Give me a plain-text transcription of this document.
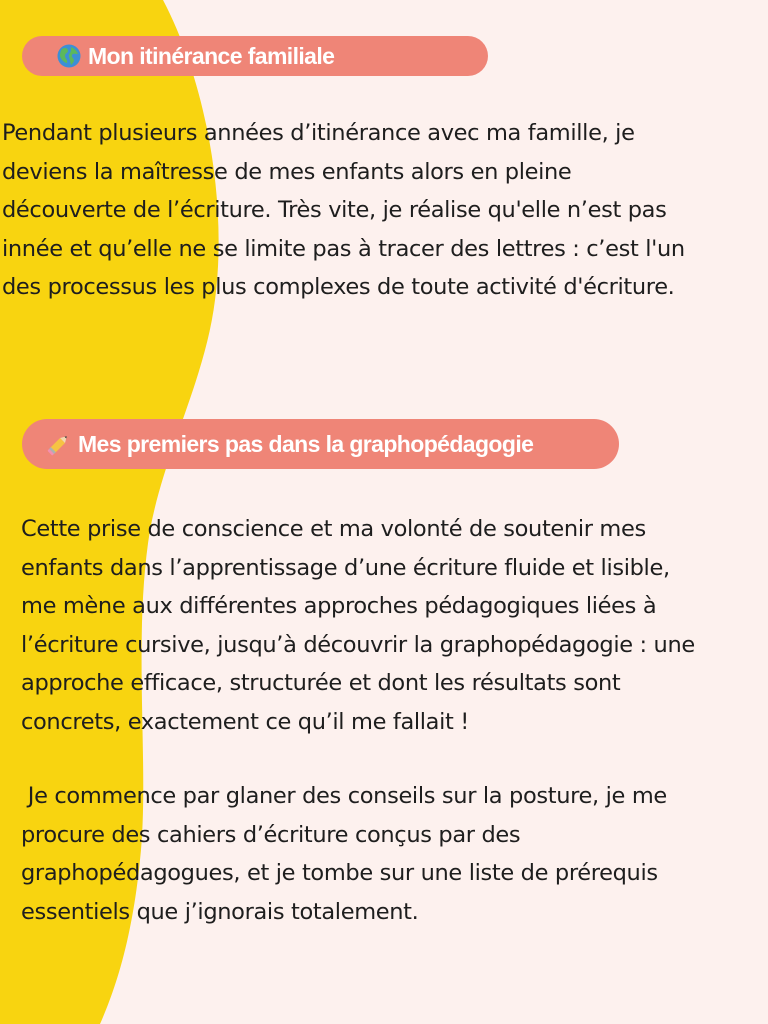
Mon itinérance familiale
Pendant plusieurs années d’itinérance avec ma famille, je
deviens la maîtresse de mes enfants alors en pleine
découverte de l’écriture. Très vite, je réalise qu'elle n’est pas
innée et qu’elle ne se limite pas à tracer des lettres : c’est l'un
des processus les plus complexes de toute activité d'écriture.
Mes premiers pas dans la graphopédagogie
Cette prise de conscience et ma volonté de soutenir mes
enfants dans l’apprentissage d’une écriture fluide et lisible,
me mène aux différentes approches pédagogiques liées à
l’écriture cursive, jusqu’à découvrir la graphopédagogie : une
approche efficace, structurée et dont les résultats sont
concrets, exactement ce qu’il me fallait !
Je commence par glaner des conseils sur la posture, je me
procure des cahiers d’écriture conçus par des
graphopédagogues, et je tombe sur une liste de prérequis
essentiels que j’ignorais totalement.
